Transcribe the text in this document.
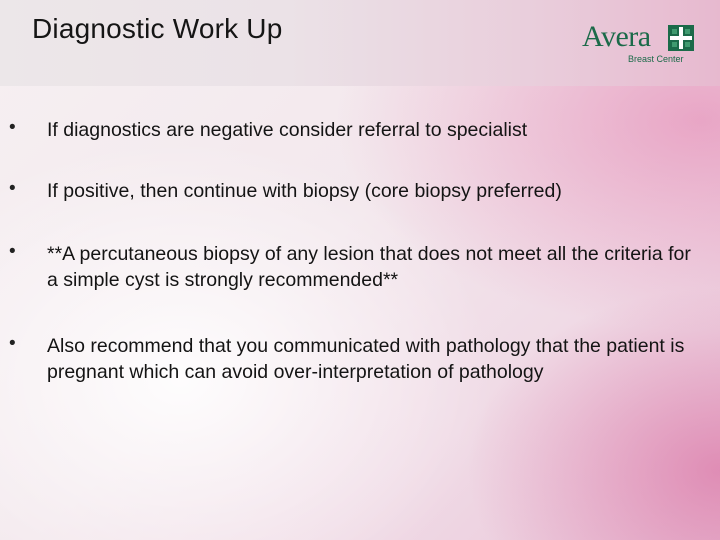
Diagnostic Work Up	Avera
Breast Center
• If diagnostics are negative consider referral to specialist

• If positive, then continue with biopsy (core biopsy preferred)

• **A percutaneous biopsy of any lesion that does not meet all the criteria for a simple cyst is strongly recommended**

• Also recommend that you communicated with pathology that the patient is pregnant which can avoid over-interpretation of pathology
